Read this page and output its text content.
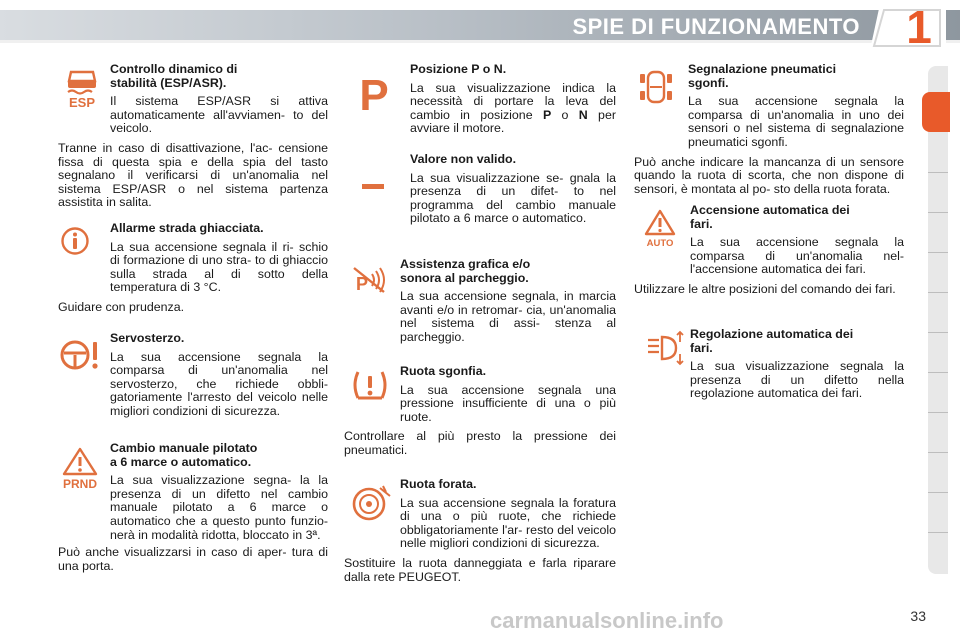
SPIE DI FUNZIONAMENTO 1
ESP
Controllo dinamico di
stabilità (ESP/ASR).

Il sistema ESP/ASR si attiva automaticamente all'avviamen- to del veicolo.

Tranne in caso di disattivazione, l'ac- censione fissa di questa spia e della spia del tasto segnalano il verificarsi di un'anomalia nel sistema ESP/ASR o nel sistema partenza assistita in salita.

Allarme strada ghiacciata.

La sua accensione segnala il ri- schio di formazione di uno stra- to di ghiaccio sulla strada al di sotto della temperatura di 3 °C.

Guidare con prudenza.

Servosterzo.

La sua accensione segnala la comparsa di un'anomalia nel servosterzo, che richiede obbli- gatoriamente l'arresto del veicolo nelle migliori condizioni di sicurezza.

PRND
Cambio manuale pilotato
a 6 marce o automatico.

La sua visualizzazione segna- la la presenza di un difetto nel cambio manuale pilotato a 6 marce o automatico che a questo punto funzio- nerà in modalità ridotta, bloccato in 3ª.

Può anche visualizzarsi in caso di aper- tura di una porta.

P
Posizione P o N.

La sua visualizzazione indica la necessità di portare la leva del cambio in posizione P o N per avviare il motore.

Valore non valido.

La sua visualizzazione se- gnala la presenza di un difet- to nel programma del cambio manuale pilotato a 6 marce o automatico.

P
Assistenza grafica e/o
sonora al parcheggio.

La sua accensione segnala, in marcia avanti e/o in retromar- cia, un'anomalia nel sistema di assi- stenza al parcheggio.

Ruota sgonfia.

La sua accensione segnala una pressione insufficiente di una o più ruote.

Controllare al più presto la pressione dei pneumatici.

Ruota forata.

La sua accensione segnala la foratura di una o più ruote, che richiede obbligatoriamente l'ar- resto del veicolo nelle migliori condizioni di sicurezza.

Sostituire la ruota danneggiata e farla riparare dalla rete PEUGEOT.

Segnalazione pneumatici
sgonfi.

La sua accensione segnala la comparsa di un'anomalia in uno dei sensori o nel sistema di segnalazione pneumatici sgonfi.

Può anche indicare la mancanza di un sensore quando la ruota di scorta, che non dispone di sensori, è montata al po- sto della ruota forata.

AUTO
Accensione automatica dei
fari.

La sua accensione segnala la comparsa di un'anomalia nel- l'accensione automatica dei fari.

Utilizzare le altre posizioni del comando dei fari.

Regolazione automatica dei
fari.

La sua visualizzazione segnala la presenza di un difetto nella regolazione automatica dei fari.

carmanualsonline.info	33
